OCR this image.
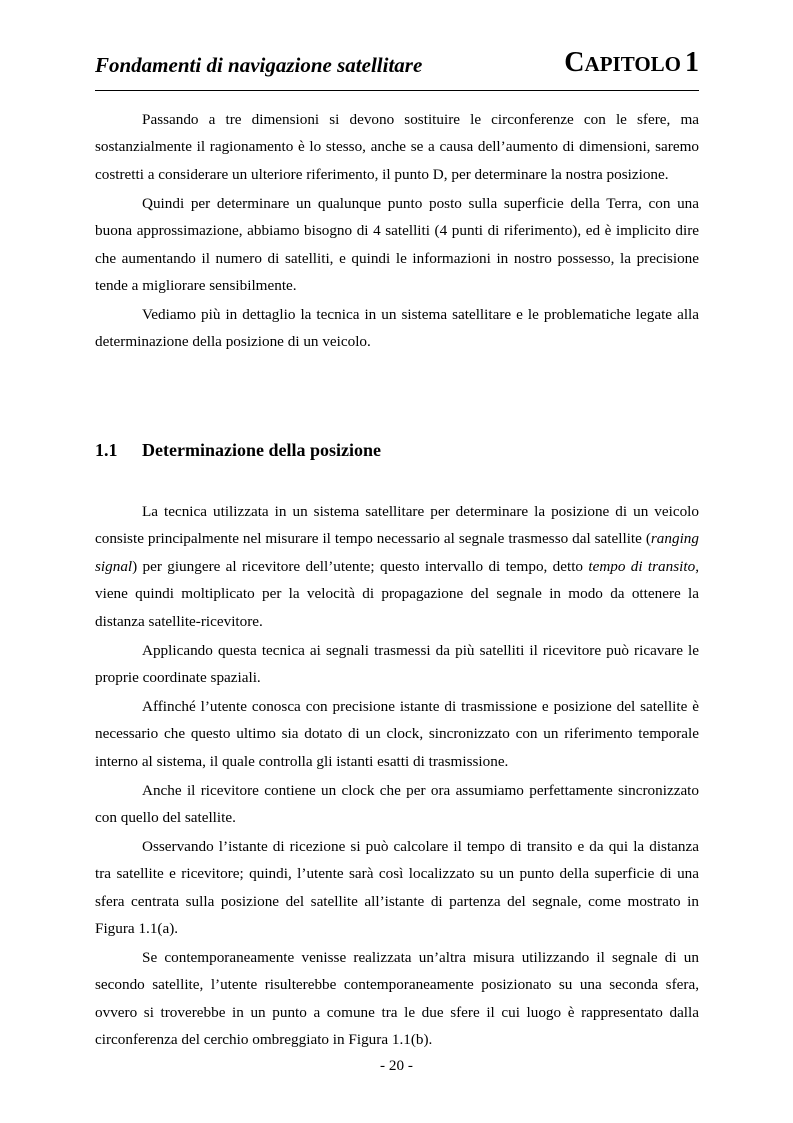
Fondamenti di navigazione satellitare	CAPITOLO 1

Passando a tre dimensioni si devono sostituire le circonferenze con le sfere, ma sostanzialmente il ragionamento è lo stesso, anche se a causa dell’aumento di dimensioni, saremo costretti a considerare un ulteriore riferimento, il punto D, per determinare la nostra posizione.

Quindi per determinare un qualunque punto posto sulla superficie della Terra, con una buona approssimazione, abbiamo bisogno di 4 satelliti (4 punti di riferimento), ed è implicito dire che aumentando il numero di satelliti, e quindi le informazioni in nostro possesso, la precisione tende a migliorare sensibilmente.

Vediamo più in dettaglio la tecnica in un sistema satellitare e le problematiche legate alla determinazione della posizione di un veicolo.

1.1 Determinazione della posizione

La tecnica utilizzata in un sistema satellitare per determinare la posizione di un veicolo consiste principalmente nel misurare il tempo necessario al segnale trasmesso dal satellite (ranging signal) per giungere al ricevitore dell’utente; questo intervallo di tempo, detto tempo di transito, viene quindi moltiplicato per la velocità di propagazione del segnale in modo da ottenere la distanza satellite-ricevitore.

Applicando questa tecnica ai segnali trasmessi da più satelliti il ricevitore può ricavare le proprie coordinate spaziali.

Affinché l’utente conosca con precisione istante di trasmissione e posizione del satellite è necessario che questo ultimo sia dotato di un clock, sincronizzato con un riferimento temporale interno al sistema, il quale controlla gli istanti esatti di trasmissione.

Anche il ricevitore contiene un clock che per ora assumiamo perfettamente sincronizzato con quello del satellite.

Osservando l’istante di ricezione si può calcolare il tempo di transito e da qui la distanza tra satellite e ricevitore; quindi, l’utente sarà così localizzato su un punto della superficie di una sfera centrata sulla posizione del satellite all’istante di partenza del segnale, come mostrato in Figura 1.1(a).

Se contemporaneamente venisse realizzata un’altra misura utilizzando il segnale di un secondo satellite, l’utente risulterebbe contemporaneamente posizionato su una seconda sfera, ovvero si troverebbe in un punto a comune tra le due sfere il cui luogo è rappresentato dalla circonferenza del cerchio ombreggiato in Figura 1.1(b).

- 20 -
